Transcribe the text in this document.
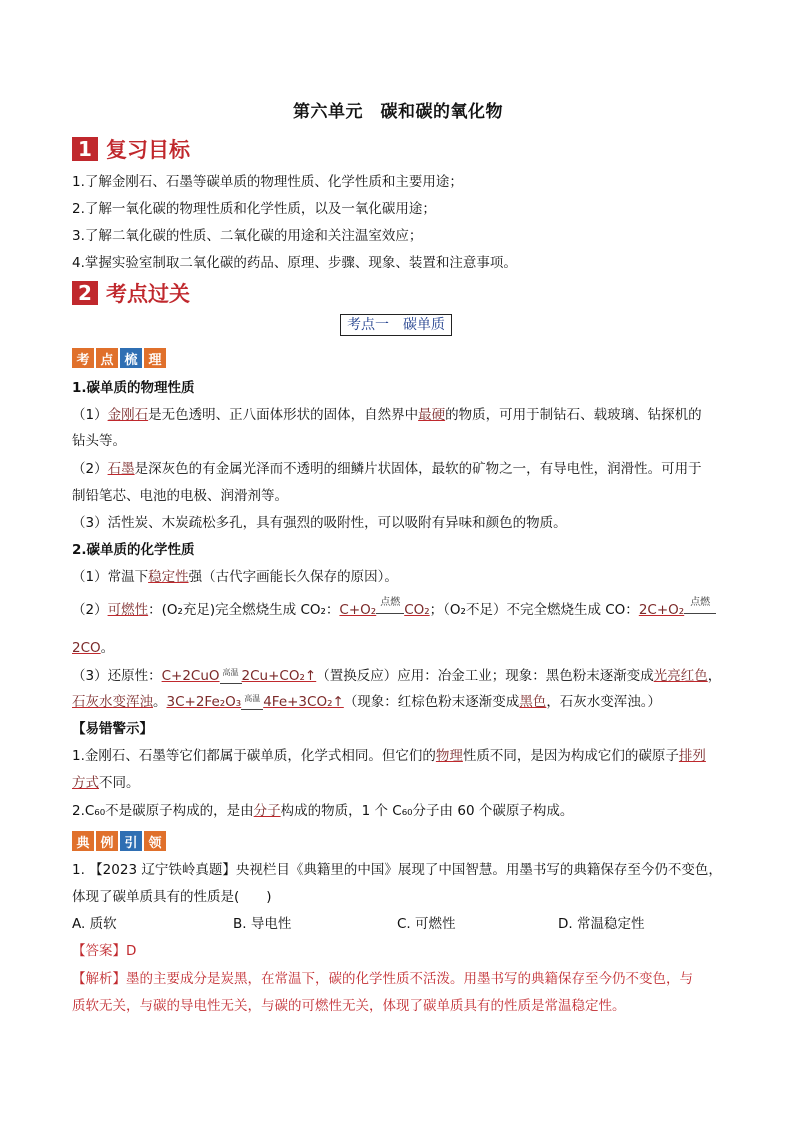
第六单元　碳和碳的氧化物
1 复习目标
1.了解金刚石、石墨等碳单质的物理性质、化学性质和主要用途；
2.了解一氧化碳的物理性质和化学性质，以及一氧化碳用途；
3.了解二氧化碳的性质、二氧化碳的用途和关注温室效应；
4.掌握实验室制取二氧化碳的药品、原理、步骤、现象、装置和注意事项。
2 考点过关
考点一　碳单质
考 点 梳 理
1.碳单质的物理性质
（1）金刚石是无色透明、正八面体形状的固体，自然界中最硬的物质，可用于制钻石、载玻璃、钻探机的
钻头等。
（2）石墨是深灰色的有金属光泽而不透明的细鳞片状固体，最软的矿物之一，有导电性，润滑性。可用于
制铅笔芯、电池的电极、润滑剂等。
（3）活性炭、木炭疏松多孔，具有强烈的吸附性，可以吸附有异味和颜色的物质。
2.碳单质的化学性质
（1）常温下稳定性强（古代字画能长久保存的原因）。
（2）可燃性：(O₂充足)完全燃烧生成 CO₂：C+O₂ 点燃 CO₂；（O₂不足）不完全燃烧生成 CO：2C+O₂ 点燃
2CO。
（3）还原性：C+2CuO 高温 2Cu+CO₂↑（置换反应）应用：冶金工业；现象：黑色粉末逐渐变成光亮红色，
石灰水变浑浊。3C+2Fe₂O₃ 高温 4Fe+3CO₂↑（现象：红棕色粉末逐渐变成黑色，石灰水变浑浊。）
【易错警示】
1.金刚石、石墨等它们都属于碳单质，化学式相同。但它们的物理性质不同，是因为构成它们的碳原子排列
方式不同。
2.C₆₀不是碳原子构成的，是由分子构成的物质，1 个 C₆₀分子由 60 个碳原子构成。
典 例 引 领
1. 【2023 辽宁铁岭真题】央视栏目《典籍里的中国》展现了中国智慧。用墨书写的典籍保存至今仍不变色，
体现了碳单质具有的性质是(　　)
A. 质软	B. 导电性	C. 可燃性	D. 常温稳定性
【答案】D
【解析】墨的主要成分是炭黑，在常温下，碳的化学性质不活泼。用墨书写的典籍保存至今仍不变色，与
质软无关，与碳的导电性无关，与碳的可燃性无关，体现了碳单质具有的性质是常温稳定性。
